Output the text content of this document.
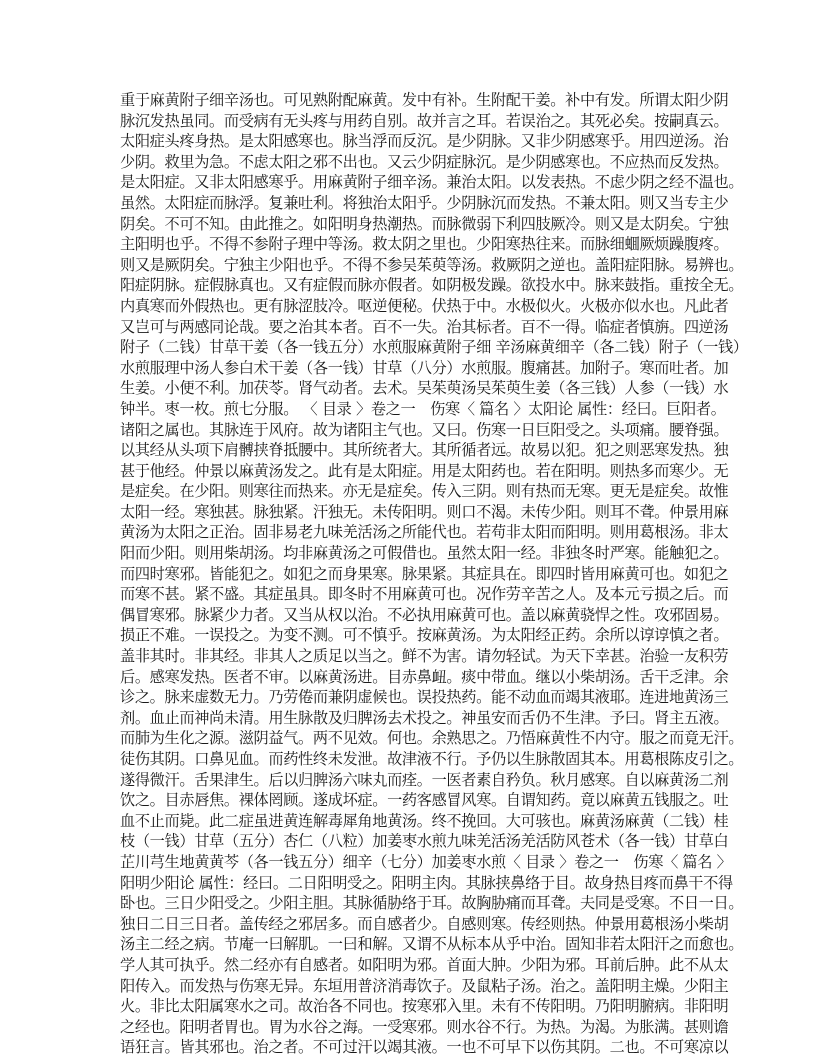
重于麻黄附子细辛汤也。可见熟附配麻黄。发中有补。生附配干姜。补中有发。所谓太阳少阴
脉沉发热虽同。而受病有无头疼与用药自别。故并言之耳。若误治之。其死必矣。按嗣真云。
太阳症头疼身热。是太阳感寒也。脉当浮而反沉。是少阴脉。又非少阴感寒乎。用四逆汤。治
少阴。救里为急。不虑太阳之邪不出也。又云少阴症脉沉。是少阴感寒也。不应热而反发热。
是太阳症。又非太阳感寒乎。用麻黄附子细辛汤。兼治太阳。以发表热。不虑少阴之经不温也。
虽然。太阳症而脉浮。复兼吐利。将独治太阳乎。少阴脉沉而发热。不兼太阳。则又当专主少
阴矣。不可不知。由此推之。如阳明身热潮热。而脉微弱下利四肢厥冷。则又是太阴矣。宁独
主阳明也乎。不得不参附子理中等汤。救太阴之里也。少阳寒热往来。而脉细蜖厥烦躁腹疼。
则又是厥阴矣。宁独主少阳也乎。不得不参吴茱萸等汤。救厥阴之逆也。盖阳症阳脉。易辨也。
阳症阴脉。症假脉真也。又有症假而脉亦假者。如阴极发躁。欲投水中。脉来鼓指。重按全无。
内真寒而外假热也。更有脉涩肢冷。呕逆便秘。伏热于中。水极似火。火极亦似水也。凡此者
又岂可与两感同论哉。要之治其本者。百不一失。治其标者。百不一得。临症者慎旃。四逆汤
附子（二钱）甘草干姜（各一钱五分）水煎服麻黄附子细 辛汤麻黄细辛（各二钱）附子（一钱）
水煎服理中汤人参白术干姜（各一钱）甘草（八分）水煎服。腹痛甚。加附子。寒而吐者。加
生姜。小便不利。加茯苓。肾气动者。去术。吴茱萸汤吴茱萸生姜（各三钱）人参（一钱）水
钟半。枣一枚。煎七分服。 〈 目录 〉卷之一　伤寒〈 篇名 〉太阳论 属性：经曰。巨阳者。
诸阳之属也。其脉连于风府。故为诸阳主气也。又曰。伤寒一日巨阳受之。头项痛。腰脊强。
以其经从头项下肩髆挟脊抵腰中。其所统者大。其所循者远。故易以犯。犯之则恶寒发热。独
甚于他经。仲景以麻黄汤发之。此有是太阳症。用是太阳药也。若在阳明。则热多而寒少。无
是症矣。在少阳。则寒往而热来。亦无是症矣。传入三阴。则有热而无寒。更无是症矣。故惟
太阳一经。寒独甚。脉独紧。汗独无。未传阳明。则口不渴。未传少阳。则耳不聋。仲景用麻
黄汤为太阳之正治。固非易老九味羌活汤之所能代也。若苟非太阳而阳明。则用葛根汤。非太
阳而少阳。则用柴胡汤。均非麻黄汤之可假借也。虽然太阳一经。非独冬时严寒。能触犯之。
而四时寒邪。皆能犯之。如犯之而身果寒。脉果紧。其症具在。即四时皆用麻黄可也。如犯之
而寒不甚。紧不盛。其症虽具。即冬时不用麻黄可也。况作劳辛苦之人。及本元亏损之后。而
偶冒寒邪。脉紧少力者。又当从权以治。不必执用麻黄可也。盖以麻黄骁悍之性。攻邪固易。
损正不难。一误投之。为变不测。可不慎乎。按麻黄汤。为太阳经正药。余所以谆谆慎之者。
盖非其时。非其经。非其人之质足以当之。鲜不为害。请勿轻试。为天下幸甚。治验一友积劳
后。感寒发热。医者不审。以麻黄汤进。目赤鼻衄。痰中带血。继以小柴胡汤。舌干乏津。余
诊之。脉来虚数无力。乃劳倦而兼阴虚候也。误投热药。能不动血而竭其液耶。连进地黄汤三
剂。血止而神尚未清。用生脉散及归脾汤去术投之。神虽安而舌仍不生津。予曰。肾主五液。
而肺为生化之源。滋阴益气。两不见效。何也。余熟思之。乃悟麻黄性不内守。服之而竟无汗。
徒伤其阴。口鼻见血。而药性终未发泄。故津液不行。予仍以生脉散固其本。用葛根陈皮引之。
遂得微汗。舌果津生。后以归脾汤六味丸而痊。一医者素自矜负。秋月感寒。自以麻黄汤二剂
饮之。目赤唇焦。裸体罔顾。遂成坏症。一药客感冒风寒。自谓知药。竟以麻黄五钱服之。吐
血不止而毙。此二症虽进黄连解毒犀角地黄汤。终不挽回。大可骇也。麻黄汤麻黄（二钱）桂
枝（一钱）甘草（五分）杏仁（八粒）加姜枣水煎九味羌活汤羌活防风苍术（各一钱）甘草白
芷川芎生地黄黄芩（各一钱五分）细辛（七分）加姜枣水煎〈 目录 〉卷之一　伤寒〈 篇名 〉
阳明少阳论 属性：经曰。二日阳明受之。阳明主肉。其脉挟鼻络于目。故身热目疼而鼻干不得
卧也。三日少阳受之。少阳主胆。其脉循胁络于耳。故胸胁痛而耳聋。夫同是受寒。不日一日。
独日二日三日者。盖传经之邪居多。而自感者少。自感则寒。传经则热。仲景用葛根汤小柴胡
汤主二经之病。节庵一曰解肌。一曰和解。又谓不从标本从乎中治。固知非若太阳汗之而愈也。
学人其可执乎。然二经亦有自感者。如阳明为邪。首面大肿。少阳为邪。耳前后肿。此不从太
阳传入。而发热与伤寒无异。东垣用普济消毒饮子。及鼠粘子汤。治之。盖阳明主燥。少阳主
火。非比太阳属寒水之司。故治各不同也。按寒邪入里。未有不传阳明。乃阳明腑病。非阳明
之经也。阳明者胃也。胃为水谷之海。一受寒邪。则水谷不行。为热。为渴。为胀满。甚则谵
语狂言。皆其邪也。治之者。不可过汗以竭其液。一也不可早下以伤其阴。二也。不可寒凉以
